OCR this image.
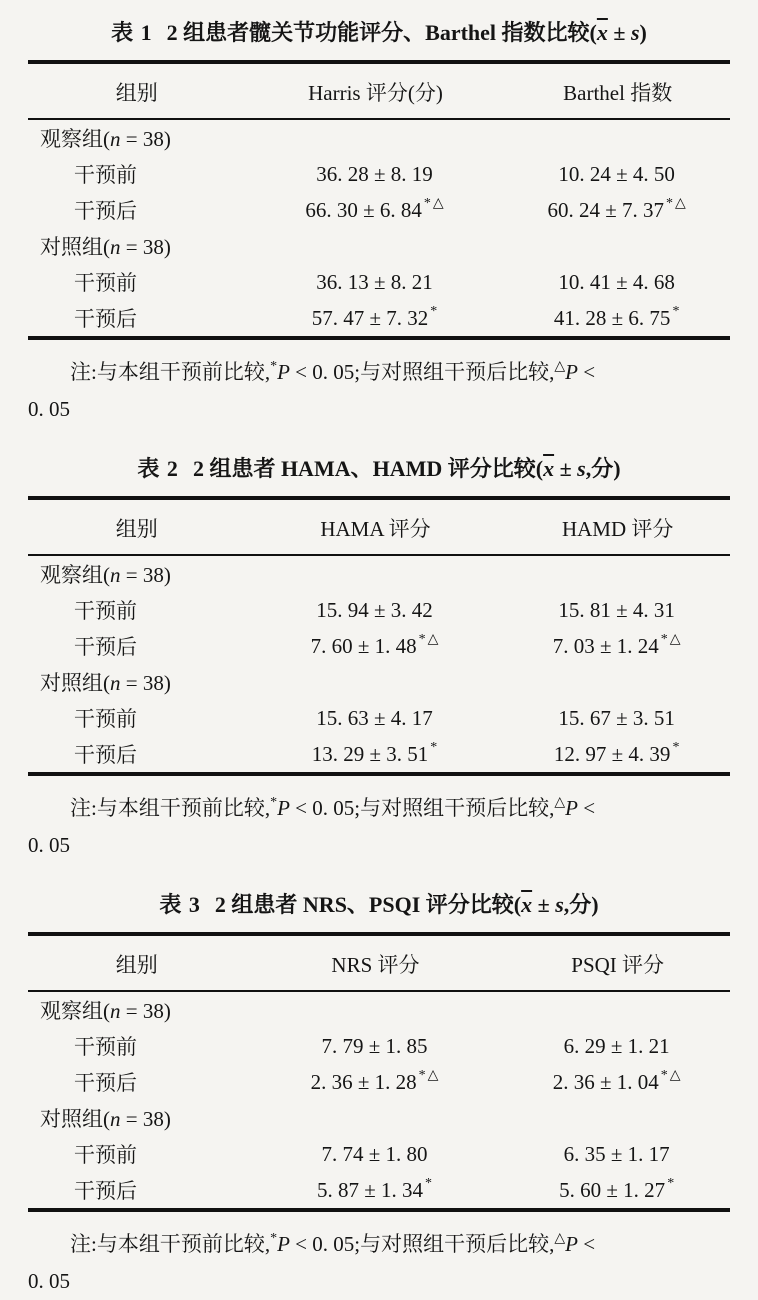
表 1 2 组患者髋关节功能评分、Barthel 指数比较$(\overline{x} \pm s)$
组别	Harris 评分(分)	Barthel 指数
观察组(n = 38)		
干预前	36. 28 ± 8. 19	10. 24 ± 4. 50
干预后	66. 30 ± 6. 84 *△	60. 24 ± 7. 37 *△
对照组(n = 38)		
干预前	36. 13 ± 8. 21	10. 41 ± 4. 68
干预后	57. 47 ± 7. 32 *	41. 28 ± 6. 75 *

注:与本组干预前比较,*P < 0. 05;与对照组干预后比较,△P <
0. 05

表 2 2 组患者 HAMA、HAMD 评分比较($\overline{x} \pm s$,分)
组别	HAMA 评分	HAMD 评分
观察组(n = 38)		
干预前	15. 94 ± 3. 42	15. 81 ± 4. 31
干预后	7. 60 ± 1. 48 *△	7. 03 ± 1. 24 *△
对照组(n = 38)		
干预前	15. 63 ± 4. 17	15. 67 ± 3. 51
干预后	13. 29 ± 3. 51 *	12. 97 ± 4. 39 *

注:与本组干预前比较,*P < 0. 05;与对照组干预后比较,△P <
0. 05

表 3 2 组患者 NRS、PSQI 评分比较($\overline{x} \pm s$,分)
组别	NRS 评分	PSQI 评分
观察组(n = 38)		
干预前	7. 79 ± 1. 85	6. 29 ± 1. 21
干预后	2. 36 ± 1. 28 *△	2. 36 ± 1. 04 *△
对照组(n = 38)		
干预前	7. 74 ± 1. 80	6. 35 ± 1. 17
干预后	5. 87 ± 1. 34 *	5. 60 ± 1. 27 *

注:与本组干预前比较,*P < 0. 05;与对照组干预后比较,△P <
0. 05
